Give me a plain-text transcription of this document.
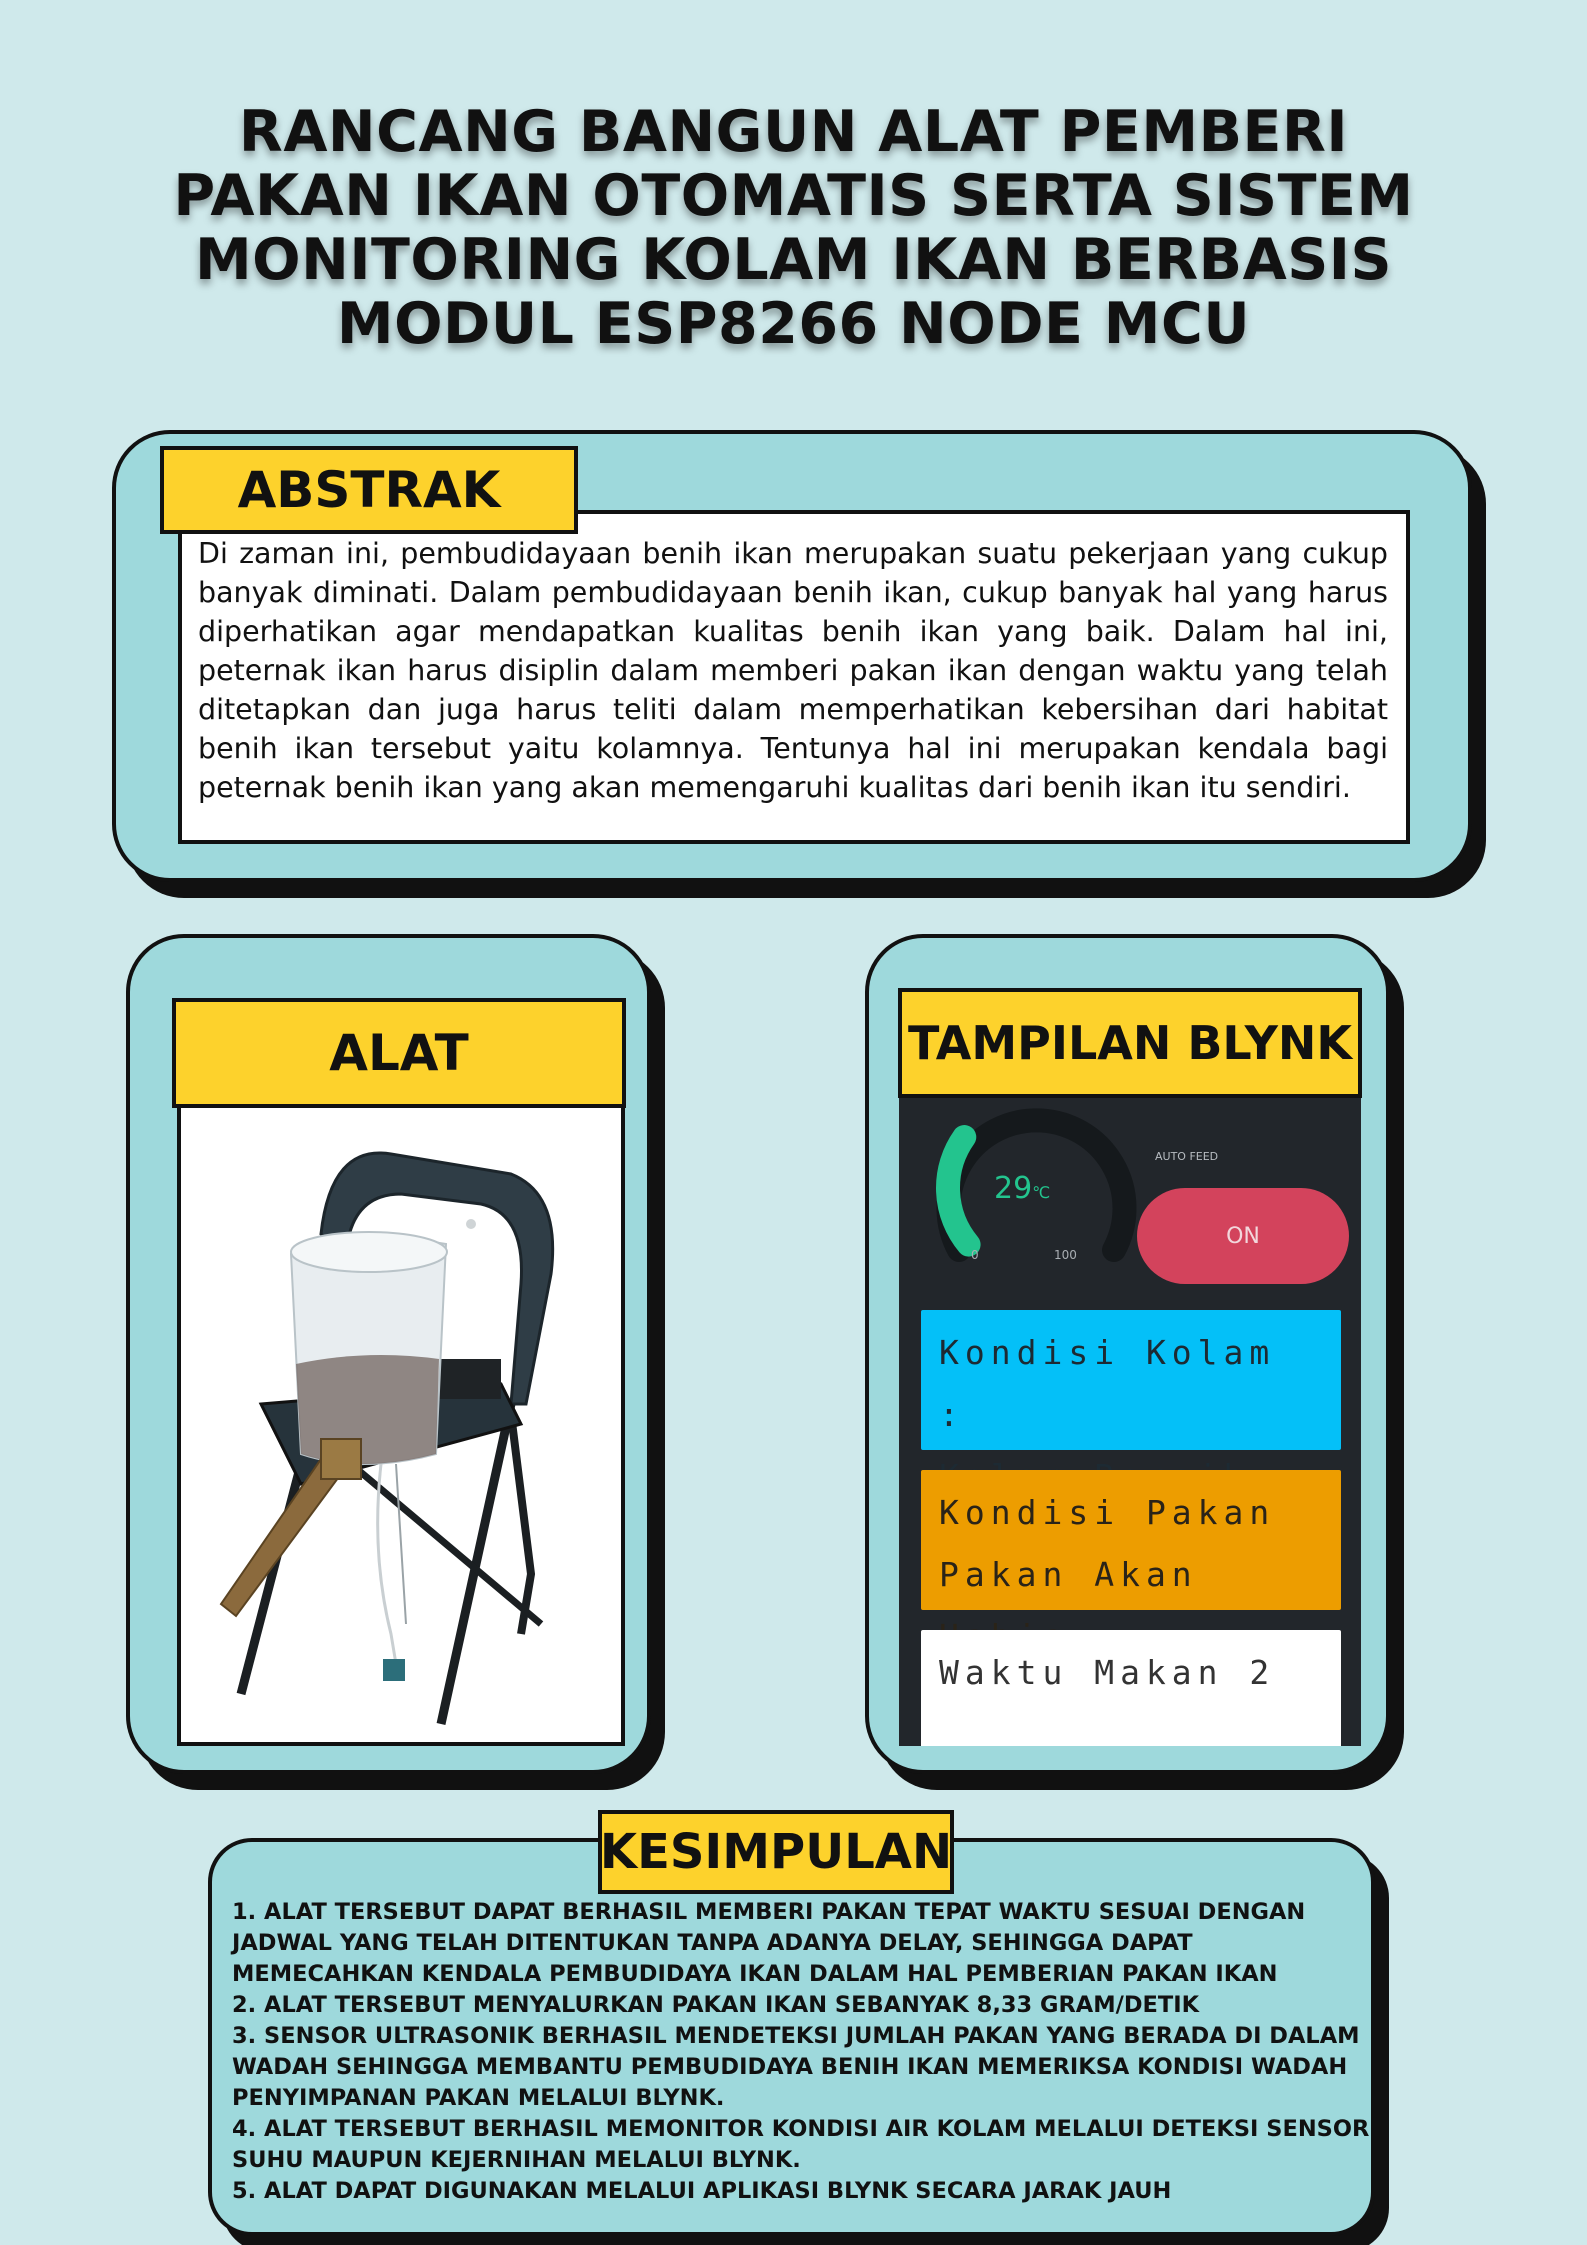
RANCANG BANGUN ALAT PEMBERI PAKAN IKAN OTOMATIS SERTA SISTEM MONITORING KOLAM IKAN BERBASIS MODUL ESP8266 NODE MCU
Di zaman ini, pembudidayaan benih ikan merupakan suatu pekerjaan yang cukup banyak diminati. Dalam pembudidayaan benih ikan, cukup banyak hal yang harus diperhatikan agar mendapatkan kualitas benih ikan yang baik. Dalam hal ini, peternak ikan harus disiplin dalam memberi pakan ikan dengan waktu yang telah ditetapkan dan juga harus teliti dalam memperhatikan kebersihan dari habitat benih ikan tersebut yaitu kolamnya. Tentunya hal ini merupakan kendala bagi peternak benih ikan yang akan memengaruhi kualitas dari benih ikan itu sendiri.
ABSTRAK
ALAT
29℃
0	100
AUTO FEED
ON
Kondisi Kolam :
Kondisi Pakan
Pakan Akan
Waktu Makan 2
TAMPILAN BLYNK

1. ALAT TERSEBUT DAPAT BERHASIL MEMBERI PAKAN TEPAT WAKTU SESUAI DENGAN JADWAL YANG TELAH DITENTUKAN TANPA ADANYA DELAY, SEHINGGA DAPAT MEMECAHKAN KENDALA PEMBUDIDAYA IKAN DALAM HAL PEMBERIAN PAKAN IKAN

2. ALAT TERSEBUT MENYALURKAN PAKAN IKAN SEBANYAK 8,33 GRAM/DETIK

3. SENSOR ULTRASONIK BERHASIL MENDETEKSI JUMLAH PAKAN YANG BERADA DI DALAM WADAH SEHINGGA MEMBANTU PEMBUDIDAYA BENIH IKAN MEMERIKSA KONDISI WADAH PENYIMPANAN PAKAN MELALUI BLYNK.

4. ALAT TERSEBUT BERHASIL MEMONITOR KONDISI AIR KOLAM MELALUI DETEKSI SENSOR SUHU MAUPUN KEJERNIHAN MELALUI BLYNK.

5. ALAT DAPAT DIGUNAKAN MELALUI APLIKASI BLYNK SECARA JARAK JAUH

KESIMPULAN
